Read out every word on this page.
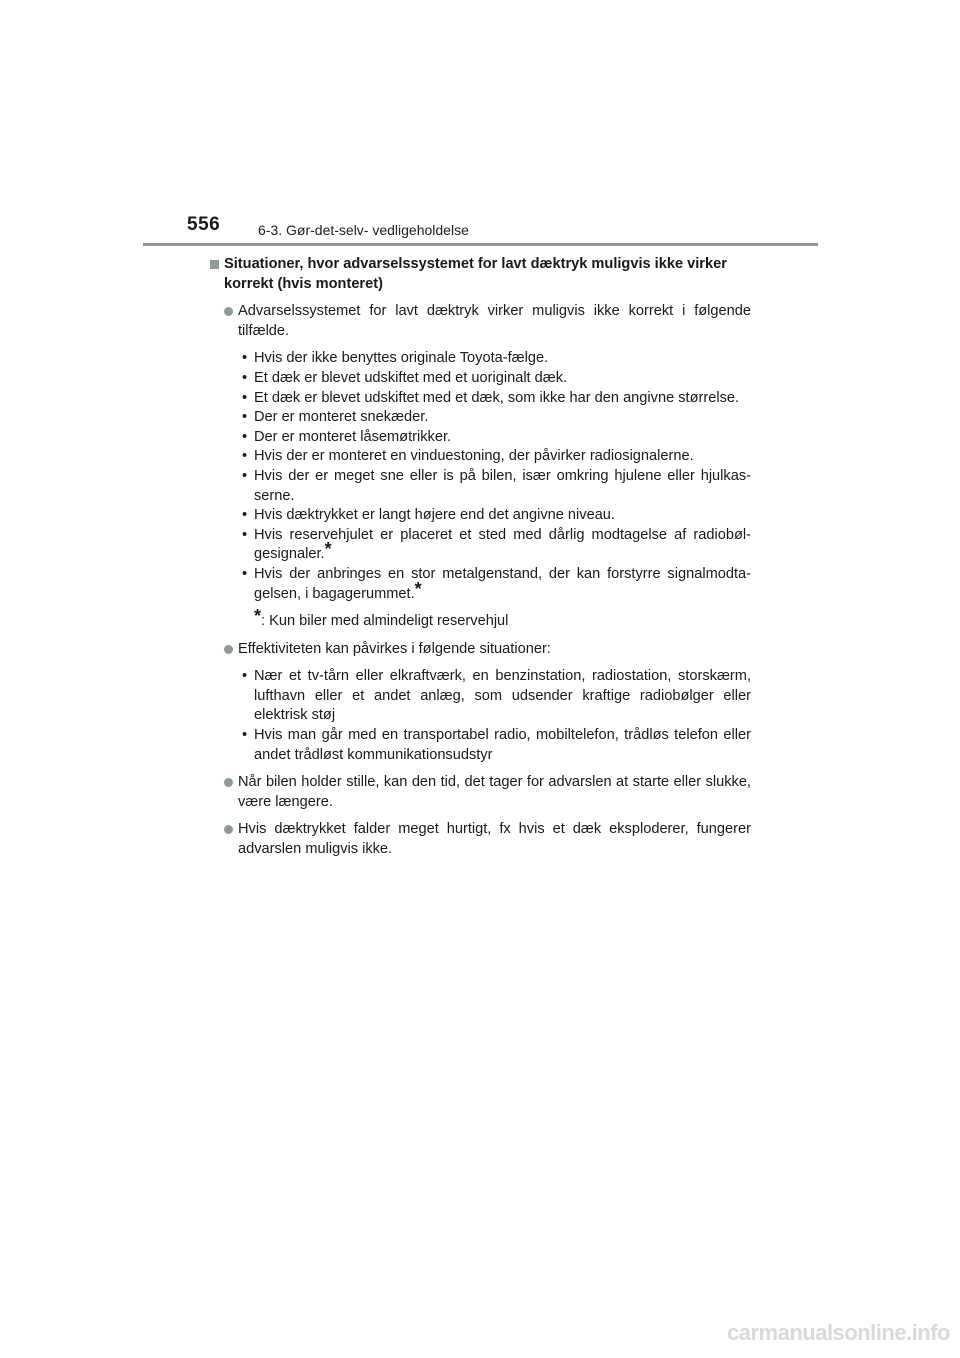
556	6-3. Gør-det-selv- vedligeholdelse
Situationer, hvor advarselssystemet for lavt dæktryk muligvis ikke virker korrekt (hvis monteret)
Advarselssystemet for lavt dæktryk virker muligvis ikke korrekt i følgende tilfælde.
• Hvis der ikke benyttes originale Toyota-fælge.
• Et dæk er blevet udskiftet med et uoriginalt dæk.
• Et dæk er blevet udskiftet med et dæk, som ikke har den angivne størrelse.
• Der er monteret snekæder.
• Der er monteret låsemøtrikker.
• Hvis der er monteret en vinduestoning, der påvirker radiosignalerne.
• Hvis der er meget sne eller is på bilen, især omkring hjulene eller hjulkas-serne.
• Hvis dæktrykket er langt højere end det angivne niveau.
• Hvis reservehjulet er placeret et sted med dårlig modtagelse af radiobøl-gesignaler.*
• Hvis der anbringes en stor metalgenstand, der kan forstyrre signalmodta-gelsen, i bagagerummet.*
*: Kun biler med almindeligt reservehjul
Effektiviteten kan påvirkes i følgende situationer:
• Nær et tv-tårn eller elkraftværk, en benzinstation, radiostation, storskærm, lufthavn eller et andet anlæg, som udsender kraftige radiobølger eller elektrisk støj
• Hvis man går med en transportabel radio, mobiltelefon, trådløs telefon eller andet trådløst kommunikationsudstyr
Når bilen holder stille, kan den tid, det tager for advarslen at starte eller slukke, være længere.
Hvis dæktrykket falder meget hurtigt, fx hvis et dæk eksploderer, fungerer advarslen muligvis ikke.
carmanualsonline.info
